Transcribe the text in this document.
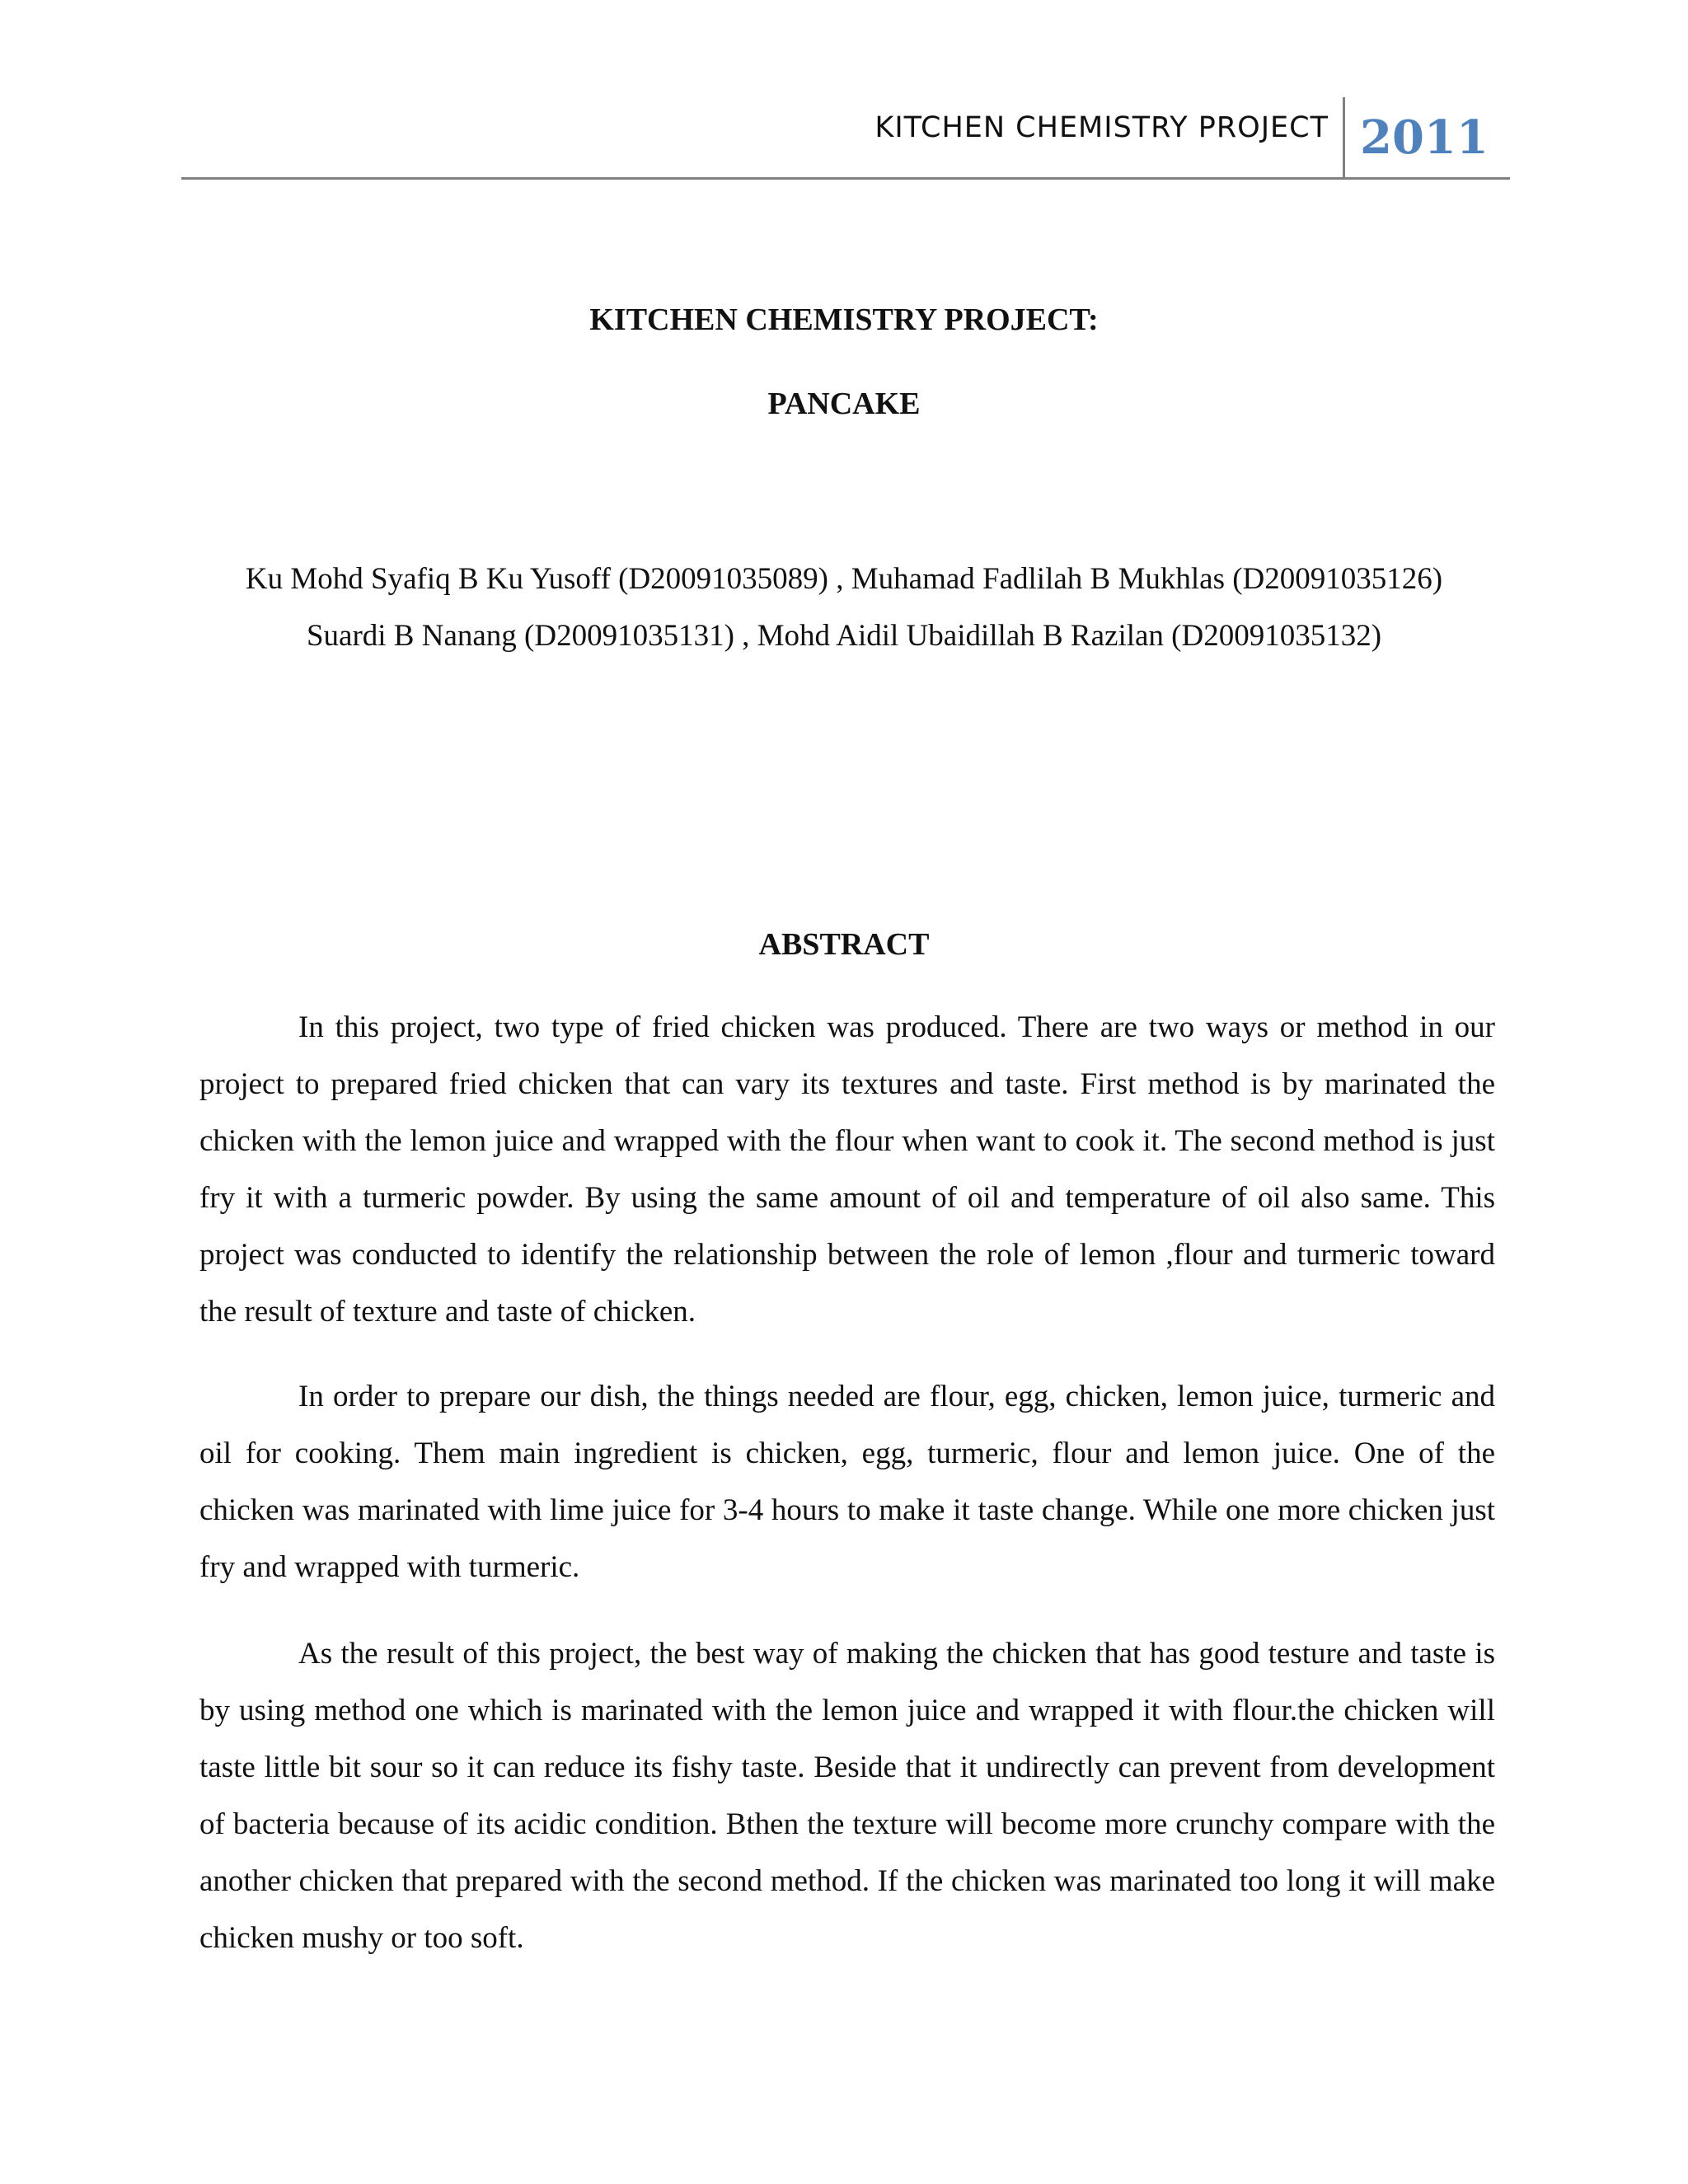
KITCHEN CHEMISTRY PROJECT 2011
KITCHEN CHEMISTRY PROJECT:
PANCAKE
Ku Mohd Syafiq B Ku Yusoff (D20091035089) , Muhamad Fadlilah B Mukhlas (D20091035126) Suardi B Nanang (D20091035131) , Mohd Aidil Ubaidillah B Razilan (D20091035132)
ABSTRACT

In this project, two type of fried chicken was produced. There are two ways or method in our project to prepared fried chicken that can vary its textures and taste. First method is by marinated the chicken with the lemon juice and wrapped with the flour when want to cook it. The second method is just fry it with a turmeric powder. By using the same amount of oil and temperature of oil also same. This project was conducted to identify the relationship between the role of lemon ,flour and turmeric toward the result of texture and taste of chicken.

In order to prepare our dish, the things needed are flour, egg, chicken, lemon juice, turmeric and oil for cooking. Them main ingredient is chicken, egg, turmeric, flour and lemon juice. One of the chicken was marinated with lime juice for 3-4 hours to make it taste change. While one more chicken just fry and wrapped with turmeric.

As the result of this project, the best way of making the chicken that has good testure and taste is by using method one which is marinated with the lemon juice and wrapped it with flour.the chicken will taste little bit sour so it can reduce its fishy taste. Beside that it undirectly can prevent from development of bacteria because of its acidic condition. Bthen the texture will become more crunchy compare with the another chicken that prepared with the second method. If the chicken was marinated too long it will make chicken mushy or too soft.
